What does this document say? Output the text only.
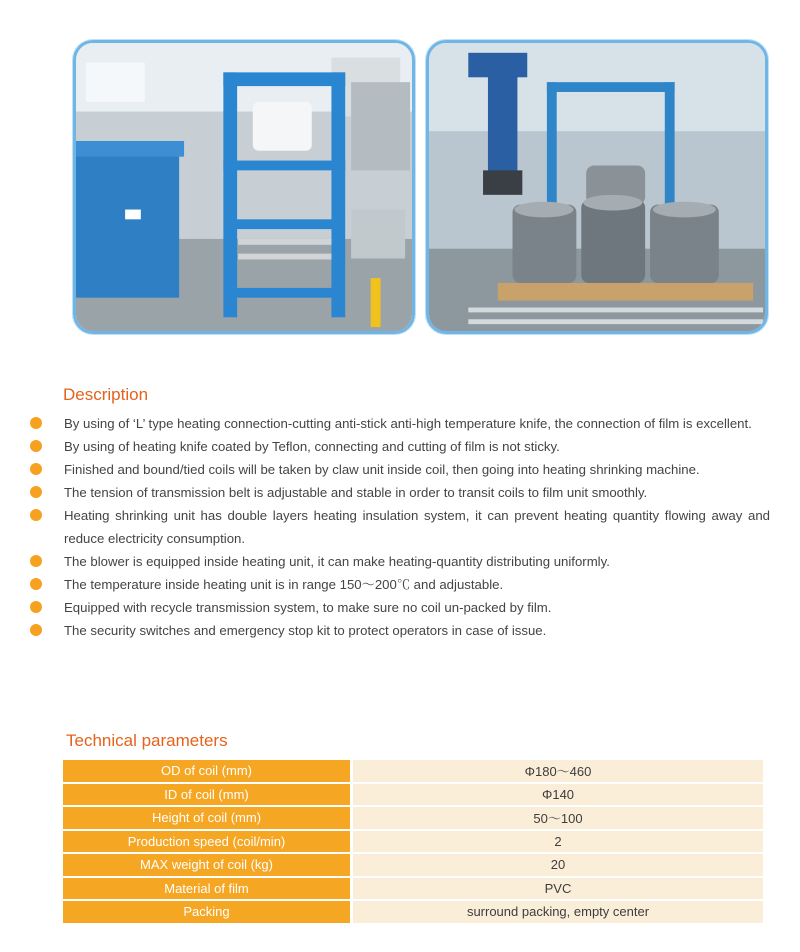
Description
By using of ‘L’ type heating connection-cutting anti-stick anti-high temperature knife, the connection of film is excellent.
By using of heating knife coated by Teflon, connecting and cutting of film is not sticky.
Finished and bound/tied coils will be taken by claw unit inside coil, then going into heating shrinking machine.
The tension of transmission belt is adjustable and stable in order to transit coils to film unit smoothly.
Heating shrinking unit has double layers heating insulation system, it can prevent heating quantity flowing away and reduce electricity consumption.
The blower is equipped inside heating unit, it can make heating-quantity distributing uniformly.
The temperature inside heating unit is in range 150～200℃ and adjustable.
Equipped with recycle transmission system, to make sure no coil un-packed by film.
The security switches and emergency stop kit to protect operators in case of issue.
Technical parameters
OD of coil (mm)	Φ180～460
ID of coil (mm)	Φ140
Height of coil (mm)	50～100
Production speed (coil/min)	2
MAX weight of coil (kg)	20
Material of film	PVC
Packing	surround packing, empty center
